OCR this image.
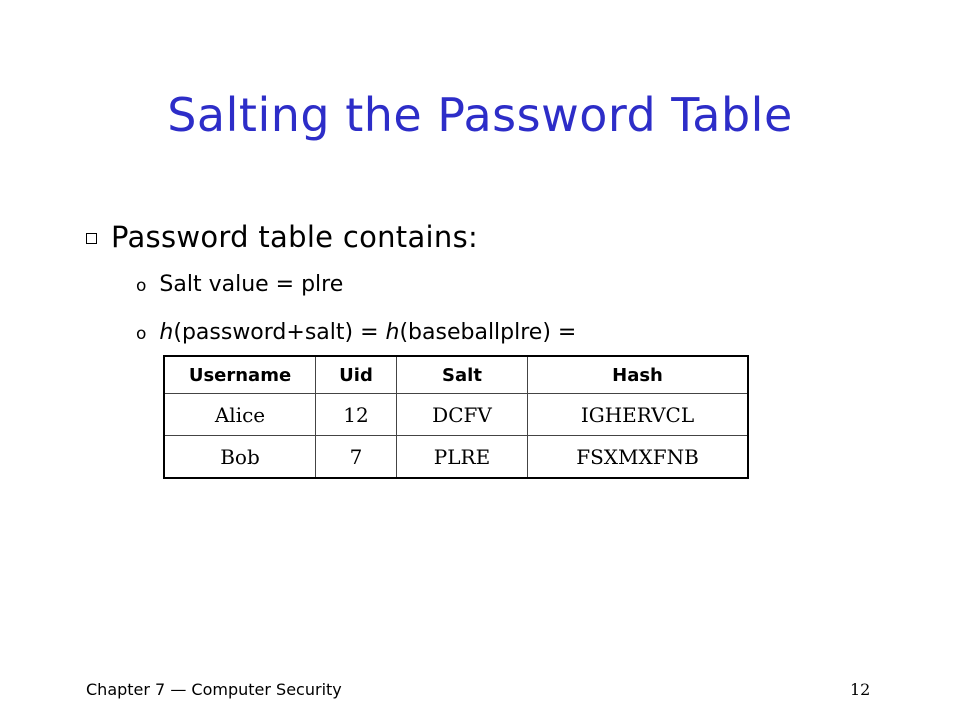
Salting the Password Table
Password table contains:
o Salt value = plre
o h(password+salt) = h(baseballplre) =
Username	Uid	Salt	Hash
Alice	12	DCFV	IGHERVCL
Bob	7	PLRE	FSXMXFNB
Chapter 7 — Computer Security	12
